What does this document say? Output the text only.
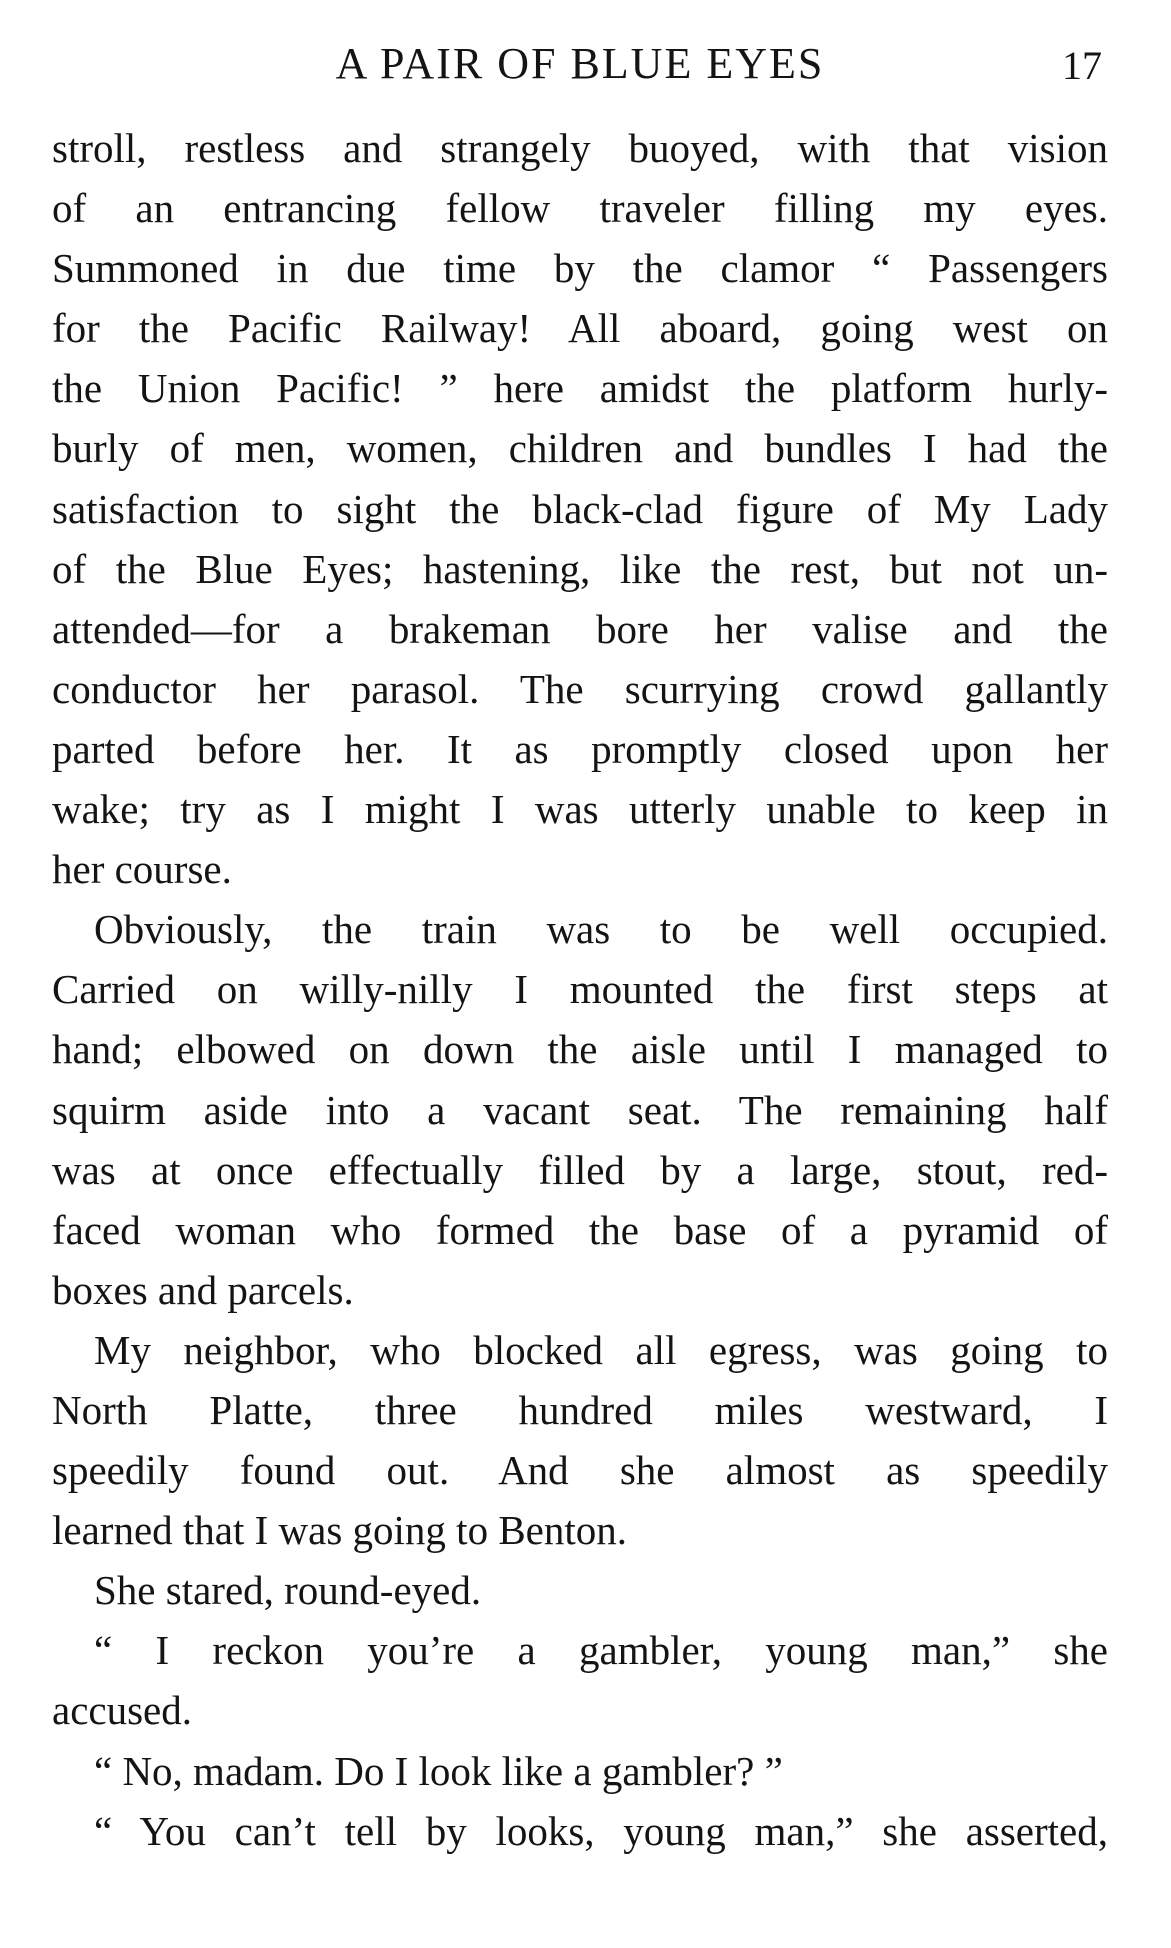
A PAIR OF BLUE EYES	17
stroll, restless and strangely buoyed, with that vision
of an entrancing fellow traveler filling my eyes.
Summoned in due time by the clamor “ Passengers
for the Pacific Railway! All aboard, going west on
the Union Pacific! ” here amidst the platform hurly-
burly of men, women, children and bundles I had the
satisfaction to sight the black-clad figure of My Lady
of the Blue Eyes; hastening, like the rest, but not un-
attended—for a brakeman bore her valise and the
conductor her parasol. The scurrying crowd gallantly
parted before her. It as promptly closed upon her
wake; try as I might I was utterly unable to keep in
her course.
Obviously, the train was to be well occupied.
Carried on willy-nilly I mounted the first steps at
hand; elbowed on down the aisle until I managed to
squirm aside into a vacant seat. The remaining half
was at once effectually filled by a large, stout, red-
faced woman who formed the base of a pyramid of
boxes and parcels.
My neighbor, who blocked all egress, was going to
North Platte, three hundred miles westward, I
speedily found out. And she almost as speedily
learned that I was going to Benton.
She stared, round-eyed.
“ I reckon you’re a gambler, young man,” she
accused.
“ No, madam. Do I look like a gambler? ”
“ You can’t tell by looks, young man,” she asserted,
